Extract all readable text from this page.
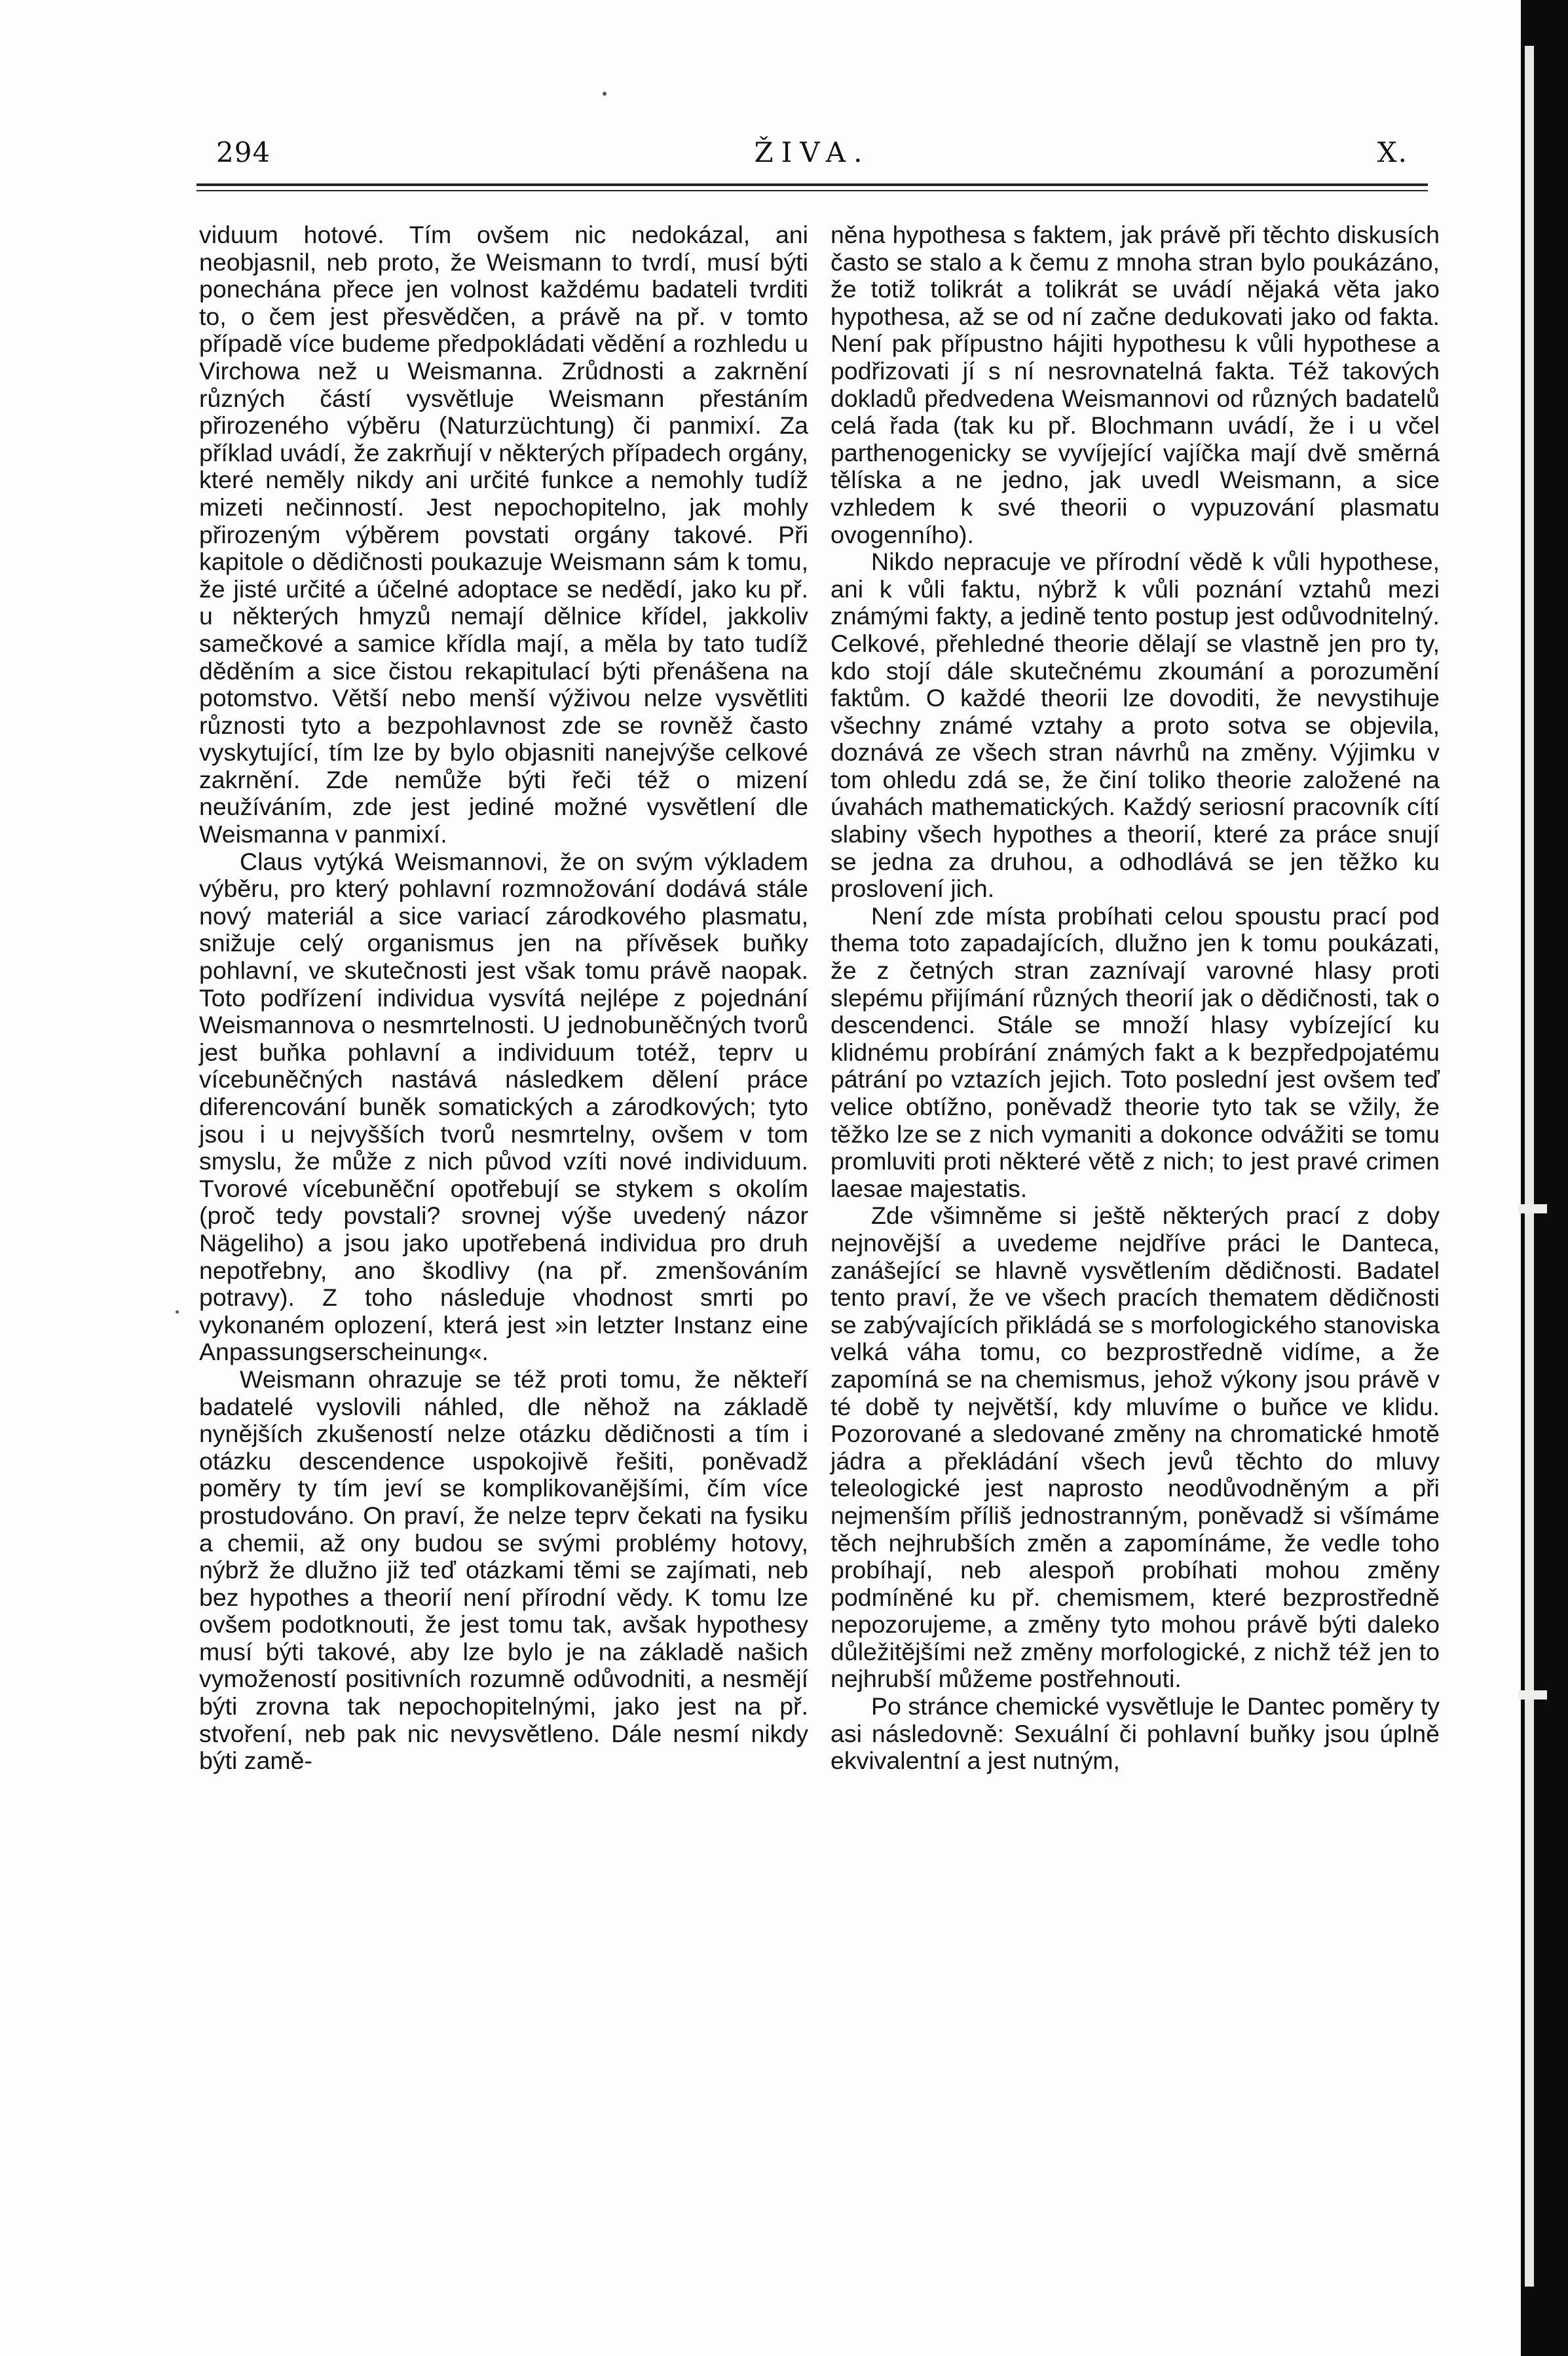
294	ŽIVA.	X.

viduum hotové. Tím ovšem nic nedokázal, ani neobjasnil, neb proto, že Weismann to tvrdí, musí býti ponechána přece jen volnost každému badateli tvrditi to, o čem jest přesvědčen, a právě na př. v tomto případě více budeme předpokládati vědění a rozhledu u Virchowa než u Weismanna. Zrůdnosti a zakrnění různých částí vysvětluje Weismann přestáním přirozeného výběru (Naturzüchtung) či panmixí. Za příklad uvádí, že zakrňují v některých případech orgány, které neměly nikdy ani určité funkce a nemohly tudíž mizeti nečinností. Jest nepochopitelno, jak mohly přirozeným výběrem povstati orgány takové. Při kapitole o dědičnosti poukazuje Weismann sám k tomu, že jisté určité a účelné adoptace se nedědí, jako ku př. u některých hmyzů nemají dělnice křídel, jakkoliv samečkové a samice křídla mají, a měla by tato tudíž děděním a sice čistou rekapitulací býti přenášena na potomstvo. Větší nebo menší výživou nelze vysvětliti různosti tyto a bezpohlavnost zde se rovněž často vyskytující, tím lze by bylo objasniti nanejvýše celkové zakrnění. Zde nemůže býti řeči též o mizení neužíváním, zde jest jediné možné vysvětlení dle Weismanna v panmixí.

Claus vytýká Weismannovi, že on svým výkladem výběru, pro který pohlavní rozmnožování dodává stále nový materiál a sice variací zárodkového plasmatu, snižuje celý organismus jen na přívěsek buňky pohlavní, ve skutečnosti jest však tomu právě naopak. Toto podřízení individua vysvítá nejlépe z pojednání Weismannova o nesmrtelnosti. U jednobuněčných tvorů jest buňka pohlavní a individuum totéž, teprv u vícebuněčných nastává následkem dělení práce diferencování buněk somatických a zárodkových; tyto jsou i u nejvyšších tvorů nesmrtelny, ovšem v tom smyslu, že může z nich původ vzíti nové individuum. Tvorové vícebuněční opotřebují se stykem s okolím (proč tedy povstali? srovnej výše uvedený názor Nägeliho) a jsou jako upotřebená individua pro druh nepotřebny, ano škodlivy (na př. zmenšováním potravy). Z toho následuje vhodnost smrti po vykonaném oplození, která jest »in letzter Instanz eine Anpassungserscheinung«.

Weismann ohrazuje se též proti tomu, že někteří badatelé vyslovili náhled, dle něhož na základě nynějších zkušeností nelze otázku dědičnosti a tím i otázku descendence uspokojivě řešiti, poněvadž poměry ty tím jeví se komplikovanějšími, čím více prostudováno. On praví, že nelze teprv čekati na fysiku a chemii, až ony budou se svými problémy hotovy, nýbrž že dlužno již teď otázkami těmi se zajímati, neb bez hypothes a theorií není přírodní vědy. K tomu lze ovšem podotknouti, že jest tomu tak, avšak hypothesy musí býti takové, aby lze bylo je na základě našich vymožeností positivních rozumně odůvodniti, a nesmějí býti zrovna tak nepochopitelnými, jako jest na př. stvoření, neb pak nic nevysvětleno. Dále nesmí nikdy býti zamě-

něna hypothesa s faktem, jak právě při těchto diskusích často se stalo a k čemu z mnoha stran bylo poukázáno, že totiž tolikrát a tolikrát se uvádí nějaká věta jako hypothesa, až se od ní začne dedukovati jako od fakta. Není pak přípustno hájiti hypothesu k vůli hypothese a podřizovati jí s ní nesrovnatelná fakta. Též takových dokladů předvedena Weismannovi od různých badatelů celá řada (tak ku př. Blochmann uvádí, že i u včel parthenogenicky se vyvíjející vajíčka mají dvě směrná tělíska a ne jedno, jak uvedl Weismann, a sice vzhledem k své theorii o vypuzování plasmatu ovogenního).

Nikdo nepracuje ve přírodní vědě k vůli hypothese, ani k vůli faktu, nýbrž k vůli poznání vztahů mezi známými fakty, a jedině tento postup jest odůvodnitelný. Celkové, přehledné theorie dělají se vlastně jen pro ty, kdo stojí dále skutečnému zkoumání a porozumění faktům. O každé theorii lze dovoditi, že nevystihuje všechny známé vztahy a proto sotva se objevila, doznává ze všech stran návrhů na změny. Výjimku v tom ohledu zdá se, že činí toliko theorie založené na úvahách mathematických. Každý seriosní pracovník cítí slabiny všech hypothes a theorií, které za práce snují se jedna za druhou, a odhodlává se jen těžko ku proslovení jich.

Není zde místa probíhati celou spoustu prací pod thema toto zapadajících, dlužno jen k tomu poukázati, že z četných stran zaznívají varovné hlasy proti slepému přijímání různých theorií jak o dědičnosti, tak o descendenci. Stále se množí hlasy vybízející ku klidnému probírání známých fakt a k bezpředpojatému pátrání po vztazích jejich. Toto poslední jest ovšem teď velice obtížno, poněvadž theorie tyto tak se vžily, že těžko lze se z nich vymaniti a dokonce odvážiti se tomu promluviti proti některé větě z nich; to jest pravé crimen laesae majestatis.

Zde všimněme si ještě některých prací z doby nejnovější a uvedeme nejdříve práci le Danteca, zanášející se hlavně vysvětlením dědičnosti. Badatel tento praví, že ve všech pracích thematem dědičnosti se zabývajících přikládá se s morfologického stanoviska velká váha tomu, co bezprostředně vidíme, a že zapomíná se na chemismus, jehož výkony jsou právě v té době ty největší, kdy mluvíme o buňce ve klidu. Pozorované a sledované změny na chromatické hmotě jádra a překládání všech jevů těchto do mluvy teleologické jest naprosto neodůvodněným a při nejmenším příliš jednostranným, poněvadž si všímáme těch nejhrubších změn a zapomínáme, že vedle toho probíhají, neb alespoň probíhati mohou změny podmíněné ku př. chemismem, které bezprostředně nepozorujeme, a změny tyto mohou právě býti daleko důležitějšími než změny morfologické, z nichž též jen to nejhrubší můžeme postřehnouti.

Po stránce chemické vysvětluje le Dantec poměry ty asi následovně: Sexuální či pohlavní buňky jsou úplně ekvivalentní a jest nutným,
